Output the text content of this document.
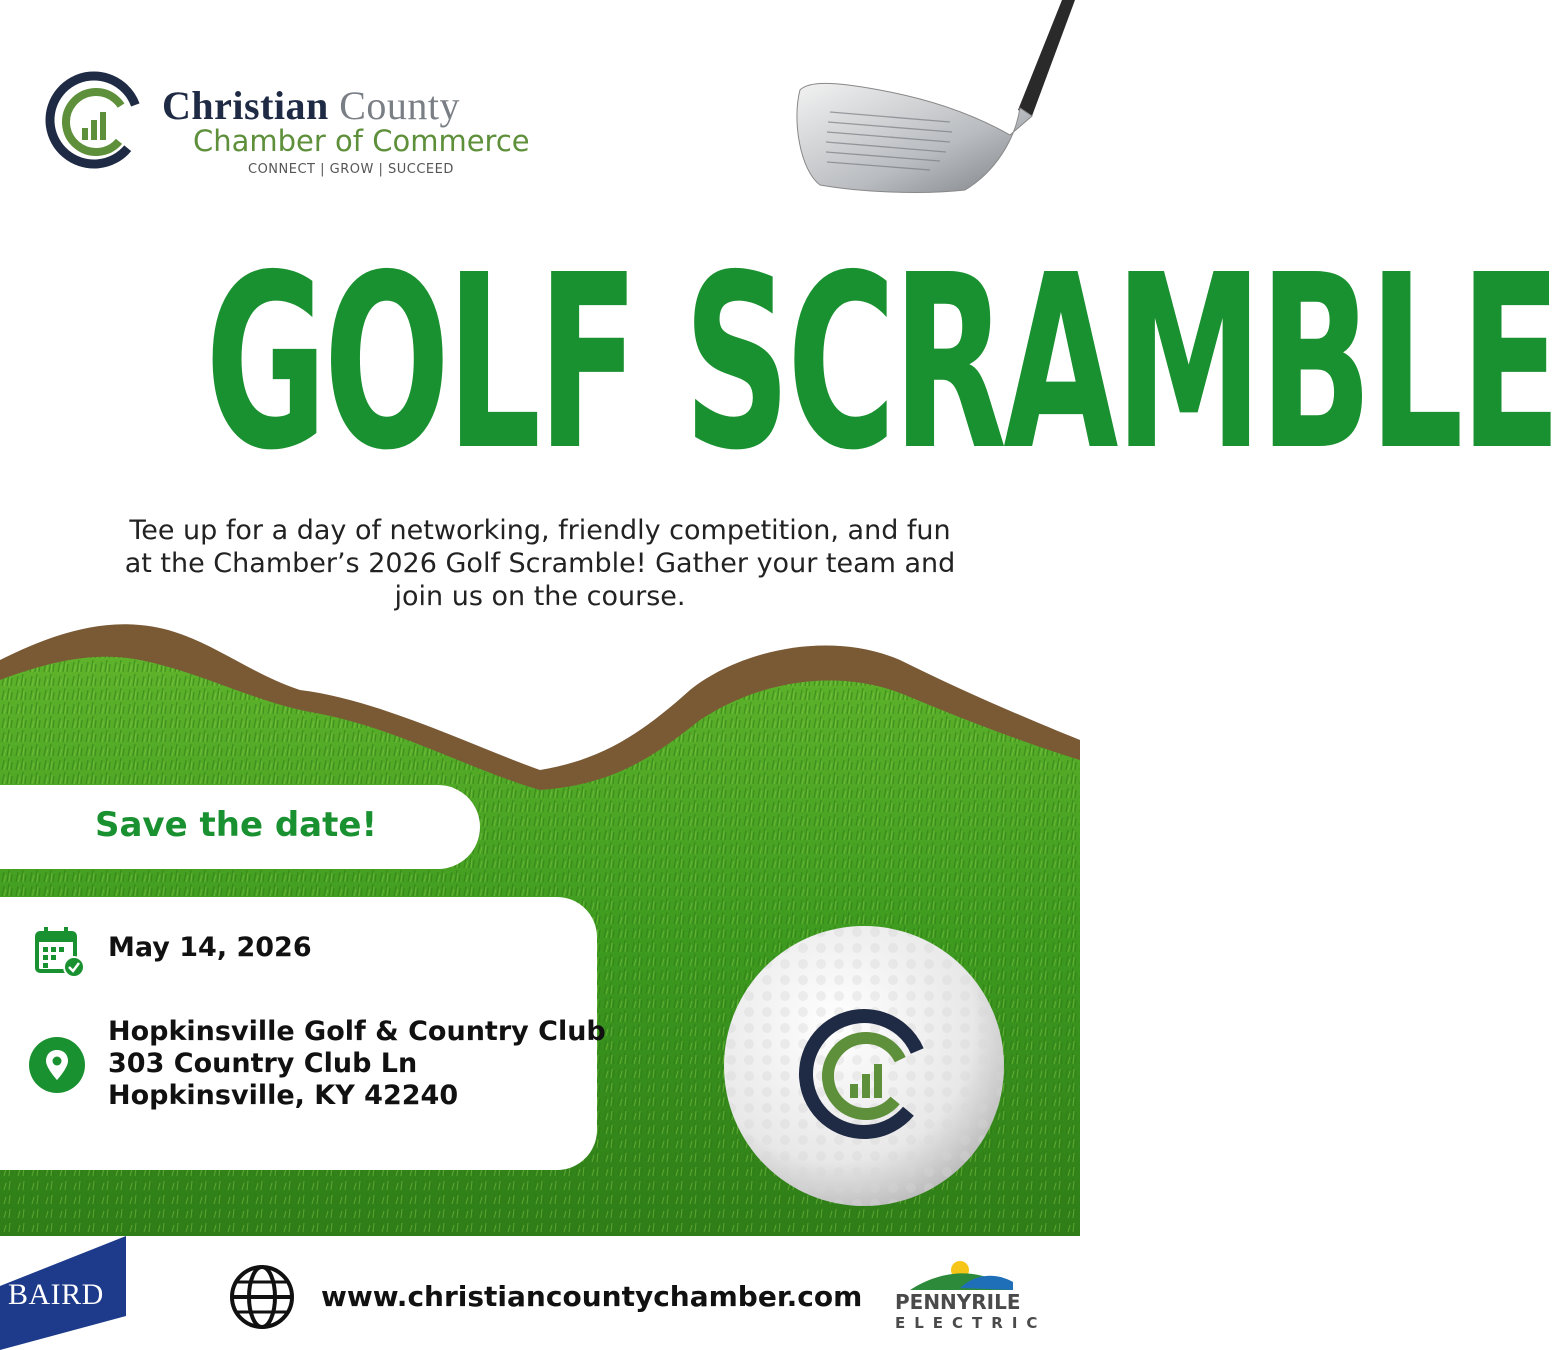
Christian County
Chamber of Commerce
CONNECT | GROW | SUCCEED
GOLF SCRAMBLE
Tee up for a day of networking, friendly competition, and fun at the Chamber’s 2026 Golf Scramble! Gather your team and join us on the course.
Save the date!
May 14, 2026
Hopkinsville Golf & Country Club
303 Country Club Ln
Hopkinsville, KY 42240
BAIRD	www.christiancountychamber.com PENNYRILE
ELECTRIC
